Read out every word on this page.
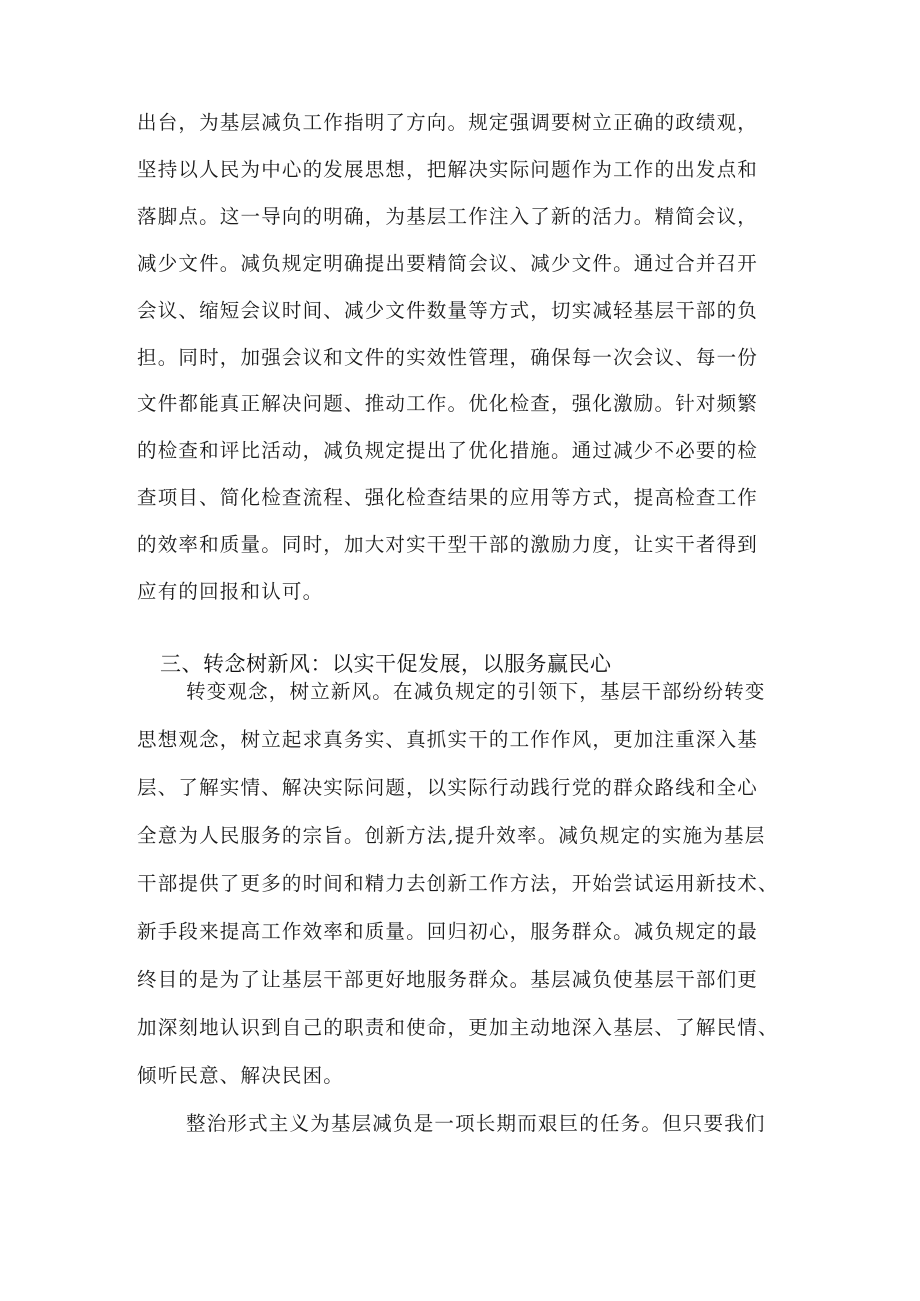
出台，为基层减负工作指明了方向。规定强调要树立正确的政绩观，
坚持以人民为中心的发展思想，把解决实际问题作为工作的出发点和
落脚点。这一导向的明确，为基层工作注入了新的活力。精简会议，
减少文件。减负规定明确提出要精简会议、减少文件。通过合并召开
会议、缩短会议时间、减少文件数量等方式，切实减轻基层干部的负
担。同时，加强会议和文件的实效性管理，确保每一次会议、每一份
文件都能真正解决问题、推动工作。优化检查，强化激励。针对频繁
的检查和评比活动，减负规定提出了优化措施。通过减少不必要的检
查项目、简化检查流程、强化检查结果的应用等方式，提高检查工作
的效率和质量。同时，加大对实干型干部的激励力度，让实干者得到
应有的回报和认可。
转变观念，树立新风。在减负规定的引领下，基层干部纷纷转变
思想观念，树立起求真务实、真抓实干的工作作风，更加注重深入基
层、了解实情、解决实际问题，以实际行动践行党的群众路线和全心
全意为人民服务的宗旨。创新方法,提升效率。减负规定的实施为基层
干部提供了更多的时间和精力去创新工作方法，开始尝试运用新技术、
新手段来提高工作效率和质量。回归初心，服务群众。减负规定的最
终目的是为了让基层干部更好地服务群众。基层减负使基层干部们更
加深刻地认识到自己的职责和使命，更加主动地深入基层、了解民情、
倾听民意、解决民困。
整治形式主义为基层减负是一项长期而艰巨的任务。但只要我们
三、转念树新风：以实干促发展，以服务赢民心
